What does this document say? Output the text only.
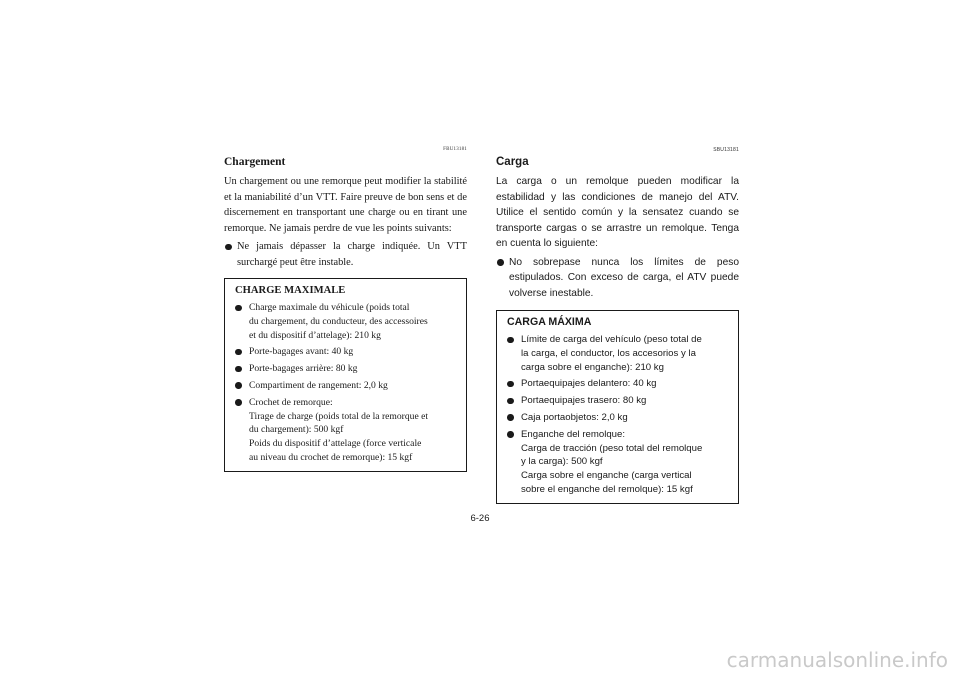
FBU13181
Chargement
Un chargement ou une remorque peut modifier la stabilité et la maniabilité d’un VTT. Faire preuve de bon sens et de discernement en transportant une charge ou en tirant une remorque. Ne jamais perdre de vue les points suivants:
Ne jamais dépasser la charge indiquée. Un VTT surchargé peut être instable.
CHARGE MAXIMALE
Charge maximale du véhicule (poids total
du chargement, du conducteur, des accessoires
et du dispositif d’attelage): 210 kg
Porte-bagages avant: 40 kg
Porte-bagages arrière: 80 kg
Compartiment de rangement: 2,0 kg
Crochet de remorque:
Tirage de charge (poids total de la remorque et
du chargement): 500 kgf
Poids du dispositif d’attelage (force verticale
au niveau du crochet de remorque): 15 kgf
SBU13181
Carga
La carga o un remolque pueden modificar la estabilidad y las condiciones de manejo del ATV. Utilice el sentido común y la sensatez cuando se transporte cargas o se arrastre un remolque. Tenga en cuenta lo siguiente:
No sobrepase nunca los límites de peso estipulados. Con exceso de carga, el ATV puede volverse inestable.
CARGA MÁXIMA
Límite de carga del vehículo (peso total de
la carga, el conductor, los accesorios y la
carga sobre el enganche): 210 kg
Portaequipajes delantero: 40 kg
Portaequipajes trasero: 80 kg
Caja portaobjetos: 2,0 kg
Enganche del remolque:
Carga de tracción (peso total del remolque
y la carga): 500 kgf
Carga sobre el enganche (carga vertical
sobre el enganche del remolque): 15 kgf
6-26
carmanualsonline.info
